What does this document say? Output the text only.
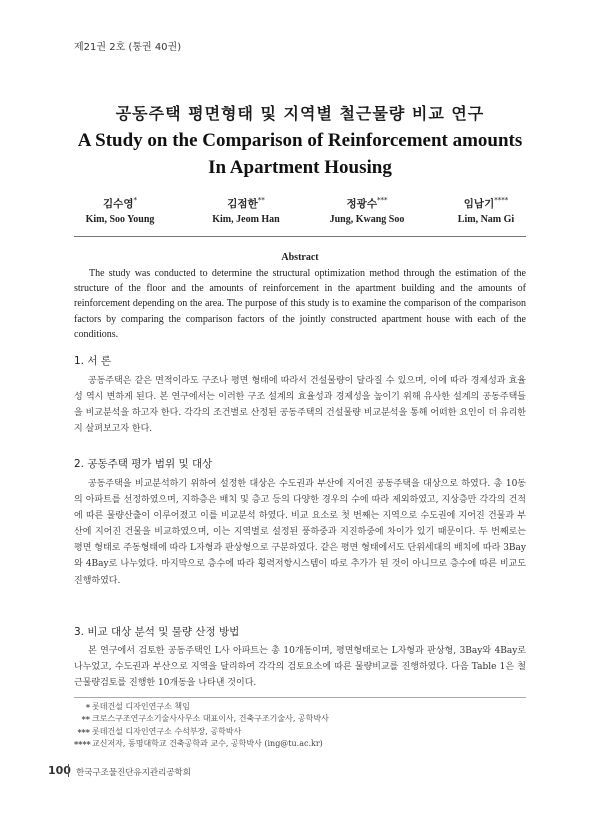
제21권 2호 (통권 40권)
공동주택 평면형태 및 지역별 철근물량 비교 연구
A Study on the Comparison of Reinforcement amounts
In Apartment Housing
김수영*
Kim, Soo Young
김점한**
Kim, Jeom Han
정광수***
Jung, Kwang Soo
임남기****
Lim, Nam Gi
Abstract
The study was conducted to determine the structural optimization method through the estimation of the structure of the floor and the amounts of reinforcement in the apartment building and the amounts of reinforcement depending on the area. The purpose of this study is to examine the comparison of the comparison factors by comparing the comparison factors of the jointly constructed apartment house with each of the conditions.
1. 서 론
공동주택은 같은 면적이라도 구조나 평면 형태에 따라서 건설물량이 달라질 수 있으며, 이에 따라 경제성과 효율성 역시 변하게 된다. 본 연구에서는 이러한 구조 설계의 효율성과 경제성을 높이기 위해 유사한 설계의 공동주택들을 비교분석을 하고자 한다. 각각의 조건별로 산정된 공동주택의 건설물량 비교분석을 통해 어떠한 요인이 더 유리한지 살펴보고자 한다.
2. 공동주택 평가 범위 및 대상
공동주택을 비교분석하기 위하여 설정한 대상은 수도권과 부산에 지어진 공동주택을 대상으로 하였다. 총 10동의 아파트를 선정하였으며, 지하층은 배치 및 층고 등의 다양한 경우의 수에 따라 제외하였고, 지상층만 각각의 건적에 따른 물량산출이 이루어졌고 이를 비교분석 하였다. 비교 요소로 첫 번째는 지역으로 수도권에 지어진 건물과 부산에 지어진 건물을 비교하였으며, 이는 지역별로 설정된 풍하중과 지진하중에 차이가 있기 때문이다. 두 번째로는 평면 형태로 주동형태에 따라 L자형과 판상형으로 구분하였다. 같은 평면 형태에서도 단위세대의 배치에 따라 3Bay와 4Bay로 나누었다. 마지막으로 층수에 따라 횡력저항시스템이 따로 추가가 된 것이 아니므로 층수에 따른 비교도 진행하였다.
3. 비교 대상 분석 및 물량 산정 방법
본 연구에서 검토한 공동주택인 L사 아파트는 총 10개동이며, 평면형태로는 L자형과 판상형, 3Bay와 4Bay로 나누었고, 수도권과 부산으로 지역을 달리하여 각각의 검토요소에 따른 물량비교를 진행하였다. 다음 Table 1은 철근물량검토를 진행한 10개동을 나타낸 것이다.
* 롯데건설 디자인연구소 책임
** 크로스구조연구소기술사사무소 대표이사, 건축구조기술사, 공학박사
*** 롯데건설 디자인연구소 수석부장, 공학박사
**** 교신저자, 동명대학교 건축공학과 교수, 공학박사 (ing@tu.ac.kr)
100 한국구조물진단유지관리공학회
